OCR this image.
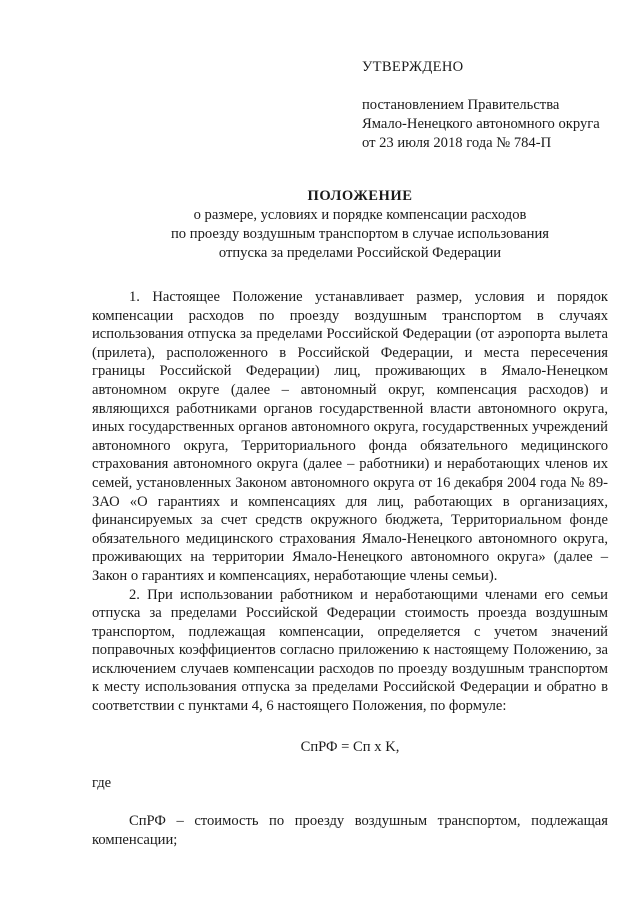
УТВЕРЖДЕНО
постановлением Правительства
Ямало-Ненецкого автономного округа
от 23 июля 2018 года № 784-П
ПОЛОЖЕНИЕ
о размере, условиях и порядке компенсации расходов
по проезду воздушным транспортом в случае использования
отпуска за пределами Российской Федерации

1. Настоящее Положение устанавливает размер, условия и порядок компенсации расходов по проезду воздушным транспортом в случаях использования отпуска за пределами Российской Федерации (от аэропорта вылета (прилета), расположенного в Российской Федерации, и места пересечения границы Российской Федерации) лиц, проживающих в Ямало-Ненецком автономном округе (далее – автономный округ, компенсация расходов) и являющихся работниками органов государственной власти автономного округа, иных государственных органов автономного округа, государственных учреждений автономного округа, Территориального фонда обязательного медицинского страхования автономного округа (далее – работники) и неработающих членов их семей, установленных Законом автономного округа от 16 декабря 2004 года № 89-ЗАО «О гарантиях и компенсациях для лиц, работающих в организациях, финансируемых за счет средств окружного бюджета, Территориальном фонде обязательного медицинского страхования Ямало-Ненецкого автономного округа, проживающих на территории Ямало-Ненецкого автономного округа» (далее – Закон о гарантиях и компенсациях, неработающие члены семьи).

2. При использовании работником и неработающими членами его семьи отпуска за пределами Российской Федерации стоимость проезда воздушным транспортом, подлежащая компенсации, определяется с учетом значений поправочных коэффициентов согласно приложению к настоящему Положению, за исключением случаев компенсации расходов по проезду воздушным транспортом к месту использования отпуска за пределами Российской Федерации и обратно в соответствии с пунктами 4, 6 настоящего Положения, по формуле:

CпРФ = Cп x K,
где

CпРФ – стоимость по проезду воздушным транспортом, подлежащая компенсации;
